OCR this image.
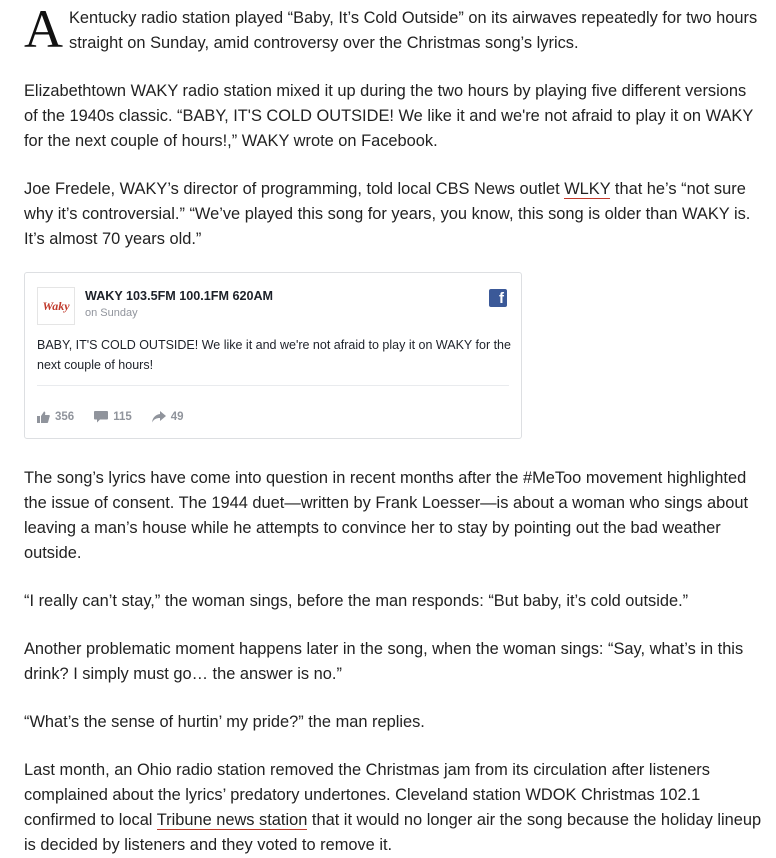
A Kentucky radio station played “Baby, It’s Cold Outside” on its airwaves repeatedly for two hours straight on Sunday, amid controversy over the Christmas song’s lyrics.

Elizabethtown WAKY radio station mixed it up during the two hours by playing five different versions of the 1940s classic. “BABY, IT'S COLD OUTSIDE! We like it and we're not afraid to play it on WAKY for the next couple of hours!,” WAKY wrote on Facebook.

Joe Fredele, WAKY’s director of programming, told local CBS News outlet WLKY that he’s “not sure why it’s controversial.” “We’ve played this song for years, you know, this song is older than WAKY is. It’s almost 70 years old.”

Waky
WAKY 103.5FM 100.1FM 620AM
on Sunday
f
BABY, IT'S COLD OUTSIDE! We like it and we're not afraid to play it on WAKY for the next couple of hours!
356	115	49

The song’s lyrics have come into question in recent months after the #MeToo movement highlighted the issue of consent. The 1944 duet—written by Frank Loesser—is about a woman who sings about leaving a man’s house while he attempts to convince her to stay by pointing out the bad weather outside.

“I really can’t stay,” the woman sings, before the man responds: “But baby, it’s cold outside.”

Another problematic moment happens later in the song, when the woman sings: “Say, what’s in this drink? I simply must go… the answer is no.”

“What’s the sense of hurtin’ my pride?” the man replies.

Last month, an Ohio radio station removed the Christmas jam from its circulation after listeners complained about the lyrics’ predatory undertones. Cleveland station WDOK Christmas 102.1 confirmed to local Tribune news station that it would no longer air the song because the holiday lineup is decided by listeners and they voted to remove it.
